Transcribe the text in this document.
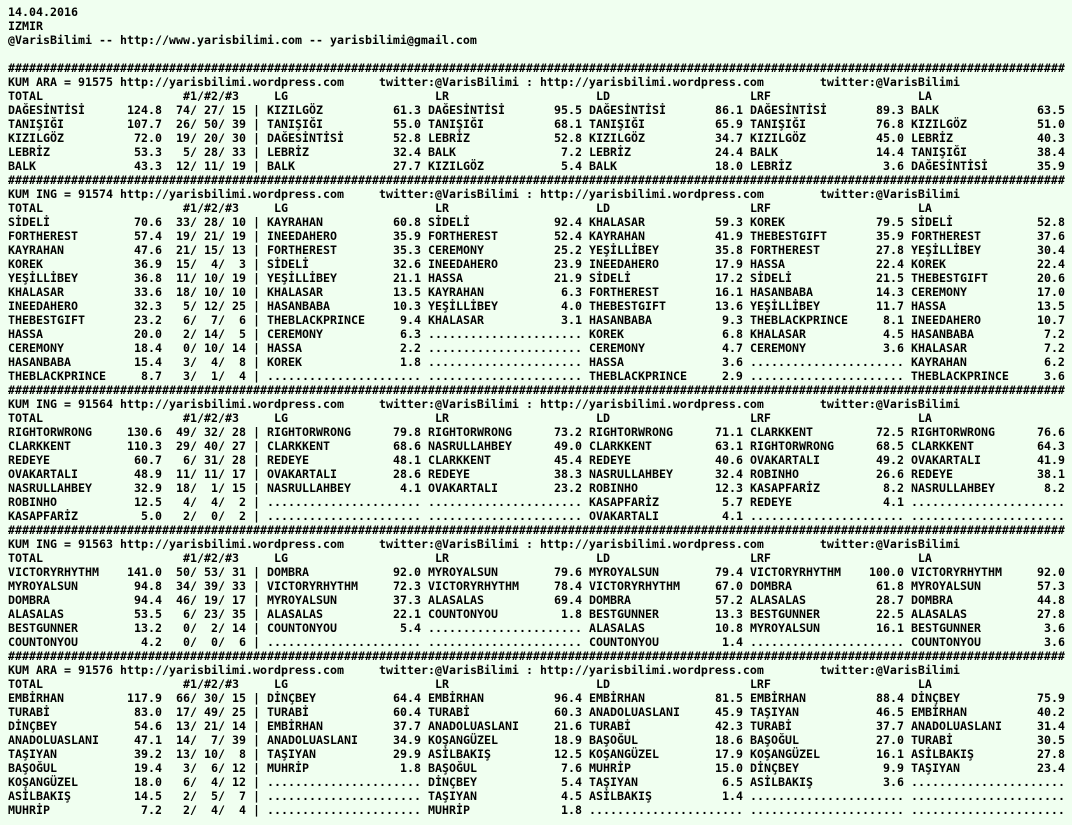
14.04.2016
IZMIR
@VarisBilimi -- http://www.yarisbilimi.com -- yarisbilimi@gmail.com
#######################################################################################################################################################
KUM ARA = 91575 http://yarisbilimi.wordpress.com	twitter:@VarisBilimi : http://yarisbilimi.wordpress.com	twitter:@VarisBilimi
TOTAL	#1/#2/#3	LG	LR	LD	LRF	LA
DAĞESİNTİSİ	124.8 74/ 27/ 15 | KIZILGÖZ	61.3 DAĞESİNTİSİ	95.5 DAĞESİNTİSİ	86.1 DAĞESİNTİSİ	89.3 BALK	63.5
TANIŞIĞI	107.7 26/ 50/ 39 | TANIŞIĞI	55.0 TANIŞIĞI	68.1 TANIŞIĞI	65.9 TANIŞIĞI	76.8 KIZILGÖZ	51.0
KIZILGÖZ	72.0 19/ 20/ 30 | DAĞESİNTİSİ	52.8 LEBRİZ	52.8 KIZILGÖZ	34.7 KIZILGÖZ	45.0 LEBRİZ	40.3
LEBRİZ	53.3 5/ 28/ 33 | LEBRİZ	32.4 BALK	7.2 LEBRİZ	24.4 BALK	14.4 TANIŞIĞI	38.4
BALK	43.3 12/ 11/ 19 | BALK	27.7 KIZILGÖZ	5.4 BALK	18.0 LEBRİZ	3.6 DAĞESİNTİSİ	35.9
#######################################################################################################################################################
KUM ING = 91574 http://yarisbilimi.wordpress.com	twitter:@VarisBilimi : http://yarisbilimi.wordpress.com	twitter:@VarisBilimi
TOTAL	#1/#2/#3	LG	LR	LD	LRF	LA
SİDELİ	70.6 33/ 28/ 10 | KAYRAHAN	60.8 SİDELİ	92.4 KHALASAR	59.3 KOREK	79.5 SİDELİ	52.8
FORTHEREST	57.4 19/ 21/ 19 | INEEDAHERO	35.9 FORTHEREST	52.4 KAYRAHAN	41.9 THEBESTGIFT	35.9 FORTHEREST	37.6
KAYRAHAN	47.6 21/ 15/ 13 | FORTHEREST	35.3 CEREMONY	25.2 YEŞİLLİBEY	35.8 FORTHEREST	27.8 YEŞİLLİBEY	30.4
KOREK	36.9 15/ 4/ 3 | SİDELİ	32.6 INEEDAHERO	23.9 INEEDAHERO	17.9 HASSA	22.4 KOREK	22.4
YEŞİLLİBEY	36.8 11/ 10/ 19 | YEŞİLLİBEY	21.1 HASSA	21.9 SİDELİ	17.2 SİDELİ	21.5 THEBESTGIFT	20.6
KHALASAR	33.6 18/ 10/ 10 | KHALASAR	13.5 KAYRAHAN	6.3 FORTHEREST	16.1 HASANBABA	14.3 CEREMONY	17.0
INEEDAHERO	32.3 5/ 12/ 25 | HASANBABA	10.3 YEŞİLLİBEY	4.0 THEBESTGIFT	13.6 YEŞİLLİBEY	11.7 HASSA	13.5
THEBESTGIFT	23.2 6/ 7/ 6 | THEBLACKPRINCE	9.4 KHALASAR	3.1 HASANBABA	9.3 THEBLACKPRINCE	8.1 INEEDAHERO	10.7
HASSA	20.0 2/ 14/ 5 | CEREMONY	6.3 ...................... KOREK	6.8 KHALASAR	4.5 HASANBABA	7.2
CEREMONY	18.4 0/ 10/ 14 | HASSA	2.2 ...................... CEREMONY	4.7 CEREMONY	3.6 KHALASAR	7.2
HASANBABA	15.4 3/ 4/ 8 | KOREK	1.8 ...................... HASSA	3.6 ...................... KAYRAHAN	6.2
THEBLACKPRINCE	8.7 3/ 1/ 4 | ...................... ...................... THEBLACKPRINCE	2.9 ...................... THEBLACKPRINCE	3.6
#######################################################################################################################################################
KUM ING = 91564 http://yarisbilimi.wordpress.com	twitter:@VarisBilimi : http://yarisbilimi.wordpress.com	twitter:@VarisBilimi
TOTAL	#1/#2/#3	LG	LR	LD	LRF	LA
RIGHTORWRONG	130.6 49/ 32/ 28 | RIGHTORWRONG	79.8 RIGHTORWRONG	73.2 RIGHTORWRONG	71.1 CLARKKENT	72.5 RIGHTORWRONG	76.6
CLARKKENT	110.3 29/ 40/ 27 | CLARKKENT	68.6 NASRULLAHBEY	49.0 CLARKKENT	63.1 RIGHTORWRONG	68.5 CLARKKENT	64.3
REDEYE	60.7 6/ 31/ 28 | REDEYE	48.1 CLARKKENT	45.4 REDEYE	40.6 OVAKARTALI	49.2 OVAKARTALI	41.9
OVAKARTALI	48.9 11/ 11/ 17 | OVAKARTALI	28.6 REDEYE	38.3 NASRULLAHBEY	32.4 ROBINHO	26.6 REDEYE	38.1
NASRULLAHBEY	32.9 18/ 1/ 15 | NASRULLAHBEY	4.1 OVAKARTALI	23.2 ROBINHO	12.3 KASAPFARİZ	8.2 NASRULLAHBEY	8.2
ROBINHO	12.5 4/ 4/ 2 | ...................... ...................... KASAPFARİZ	5.7 REDEYE	4.1 ......................
KASAPFARİZ	5.0 2/ 0/ 2 | ...................... ...................... OVAKARTALI	4.1 ...................... ......................
#######################################################################################################################################################
KUM ING = 91563 http://yarisbilimi.wordpress.com	twitter:@VarisBilimi : http://yarisbilimi.wordpress.com	twitter:@VarisBilimi
TOTAL	#1/#2/#3	LG	LR	LD	LRF	LA
VICTORYRHYTHM 141.0 50/ 53/ 31 | DOMBRA	92.0 MYROYALSUN	79.6 MYROYALSUN	79.4 VICTORYRHYTHM 100.0 VICTORYRHYTHM	92.0
MYROYALSUN	94.8 34/ 39/ 33 | VICTORYRHYTHM	72.3 VICTORYRHYTHM	78.4 VICTORYRHYTHM	67.0 DOMBRA	61.8 MYROYALSUN	57.3
DOMBRA	94.4 46/ 19/ 17 | MYROYALSUN	37.3 ALASALAS	69.4 DOMBRA	57.2 ALASALAS	28.7 DOMBRA	44.8
ALASALAS	53.5 6/ 23/ 35 | ALASALAS	22.1 COUNTONYOU	1.8 BESTGUNNER	13.3 BESTGUNNER	22.5 ALASALAS	27.8
BESTGUNNER	13.2 0/ 2/ 14 | COUNTONYOU	5.4 ...................... ALASALAS	10.8 MYROYALSUN	16.1 BESTGUNNER	3.6
COUNTONYOU	4.2 0/ 0/ 6 | ...................... ...................... COUNTONYOU	1.4 ...................... COUNTONYOU	3.6
#######################################################################################################################################################
KUM ARA = 91576 http://yarisbilimi.wordpress.com	twitter:@VarisBilimi : http://yarisbilimi.wordpress.com	twitter:@VarisBilimi
TOTAL	#1/#2/#3	LG	LR	LD	LRF	LA
EMBİRHAN	117.9 66/ 30/ 15 | DİNÇBEY	64.4 EMBİRHAN	96.4 EMBİRHAN	81.5 EMBİRHAN	88.4 DİNÇBEY	75.9
TURABİ	83.0 17/ 49/ 25 | TURABİ	60.4 TURABİ	60.3 ANADOLUASLANI	45.9 TAŞIYAN	46.5 EMBİRHAN	40.2
DİNÇBEY	54.6 13/ 21/ 14 | EMBİRHAN	37.7 ANADOLUASLANI	21.6 TURABİ	42.3 TURABİ	37.7 ANADOLUASLANI	31.4
ANADOLUASLANI	47.1 14/ 7/ 39 | ANADOLUASLANI	34.9 KOŞANGÜZEL	18.9 BAŞOĞUL	18.6 BAŞOĞUL	27.0 TURABİ	30.5
TAŞIYAN	39.2 13/ 10/ 8 | TAŞIYAN	29.9 ASİLBAKIŞ	12.5 KOŞANGÜZEL	17.9 KOŞANGÜZEL	16.1 ASİLBAKIŞ	27.8
BAŞOĞUL	19.4 3/ 6/ 12 | MUHRİP	1.8 BAŞOĞUL	7.6 MUHRİP	15.0 DİNÇBEY	9.9 TAŞIYAN	23.4
KOŞANGÜZEL	18.0 6/ 4/ 12 | ...................... DİNÇBEY	5.4 TAŞIYAN	6.5 ASİLBAKIŞ	3.6 ......................
ASİLBAKIŞ	14.5 2/ 5/ 7 | ...................... TAŞIYAN	4.5 ASİLBAKIŞ	1.4 ...................... ......................
MUHRİP	7.2 2/ 4/ 4 | ...................... MUHRİP	1.8 ...................... ...................... ......................
